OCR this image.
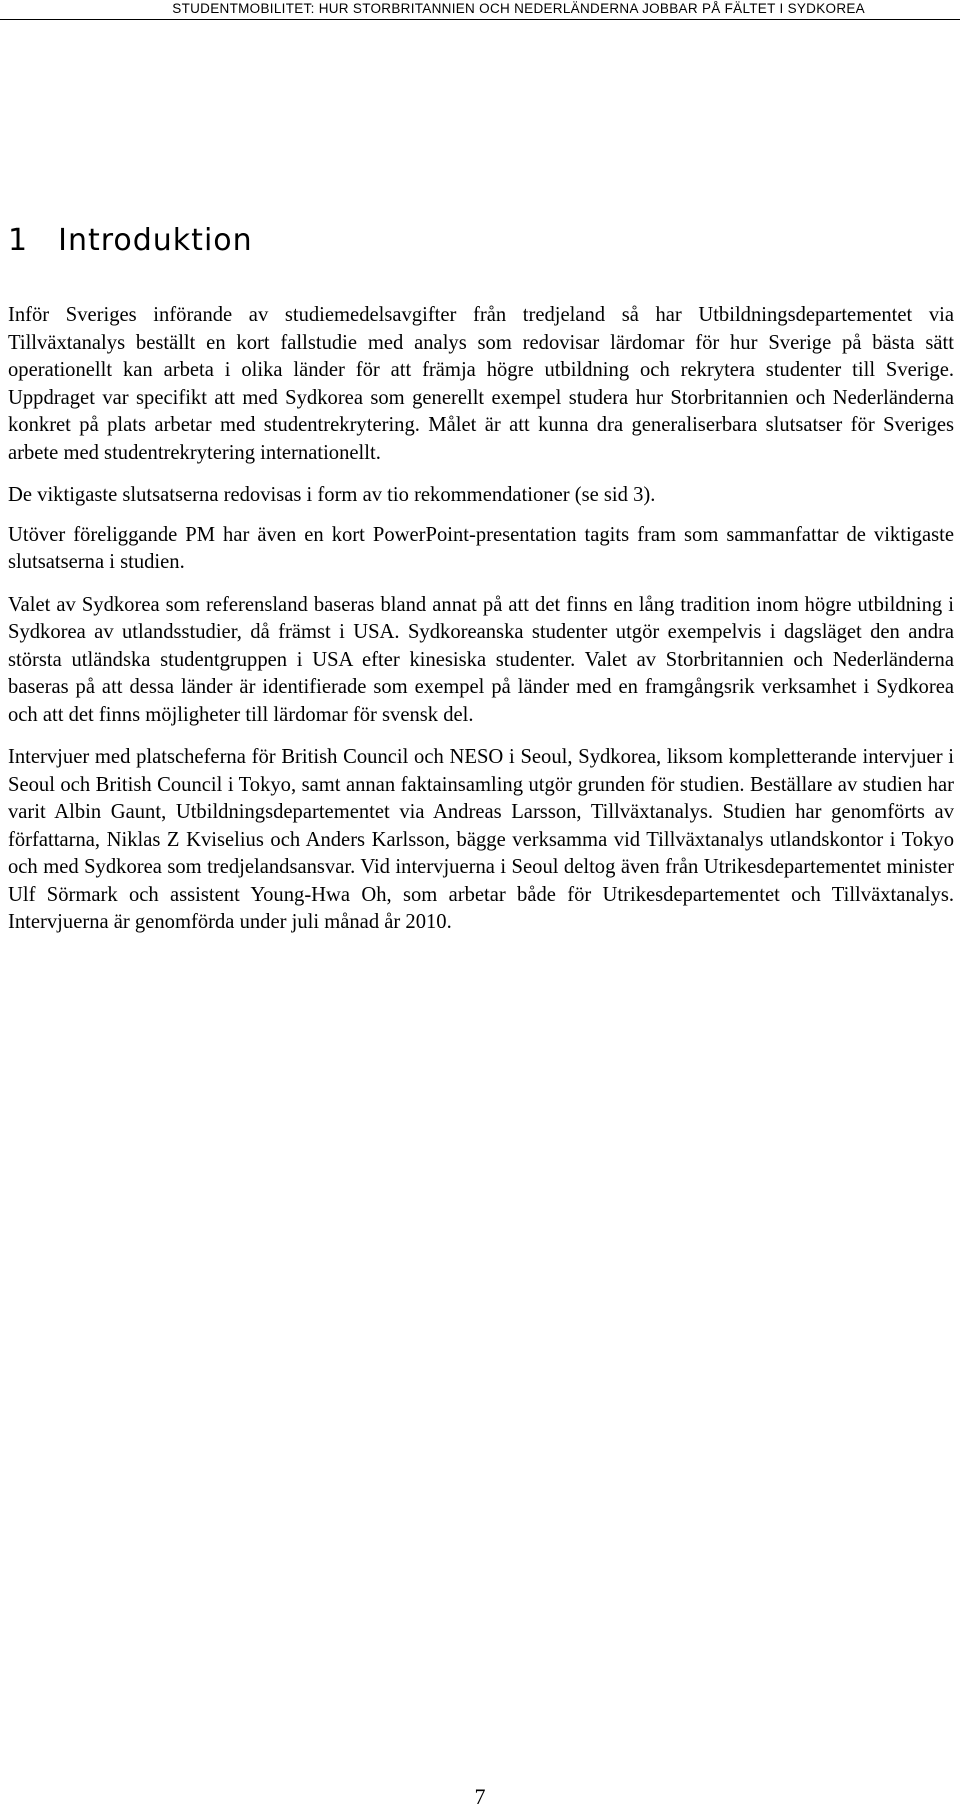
STUDENTMOBILITET: HUR STORBRITANNIEN OCH NEDERLÄNDERNA JOBBAR PÅ FÄLTET I SYDKOREA
1 Introduktion

Inför Sveriges införande av studiemedelsavgifter från tredjeland så har Utbildningsdepartementet via Tillväxtanalys beställt en kort fallstudie med analys som redovisar lärdomar för hur Sverige på bästa sätt operationellt kan arbeta i olika länder för att främja högre utbildning och rekrytera studenter till Sverige. Uppdraget var specifikt att med Sydkorea som generellt exempel studera hur Storbritannien och Nederländerna konkret på plats arbetar med studentrekrytering. Målet är att kunna dra generaliserbara slutsatser för Sveriges arbete med studentrekrytering internationellt.

De viktigaste slutsatserna redovisas i form av tio rekommendationer (se sid 3).

Utöver föreliggande PM har även en kort PowerPoint-presentation tagits fram som sammanfattar de viktigaste slutsatserna i studien.

Valet av Sydkorea som referensland baseras bland annat på att det finns en lång tradition inom högre utbildning i Sydkorea av utlandsstudier, då främst i USA. Sydkoreanska studenter utgör exempelvis i dagsläget den andra största utländska studentgruppen i USA efter kinesiska studenter. Valet av Storbritannien och Nederländerna baseras på att dessa länder är identifierade som exempel på länder med en framgångsrik verksamhet i Sydkorea och att det finns möjligheter till lärdomar för svensk del.

Intervjuer med platscheferna för British Council och NESO i Seoul, Sydkorea, liksom kompletterande intervjuer i Seoul och British Council i Tokyo, samt annan faktainsamling utgör grunden för studien. Beställare av studien har varit Albin Gaunt, Utbildningsdepartementet via Andreas Larsson, Tillväxtanalys. Studien har genomförts av författarna, Niklas Z Kviselius och Anders Karlsson, bägge verksamma vid Tillväxtanalys utlandskontor i Tokyo och med Sydkorea som tredjelandsansvar. Vid intervjuerna i Seoul deltog även från Utrikesdepartementet minister Ulf Sörmark och assistent Young-Hwa Oh, som arbetar både för Utrikesdepartementet och Tillväxtanalys. Intervjuerna är genomförda under juli månad år 2010.

7
